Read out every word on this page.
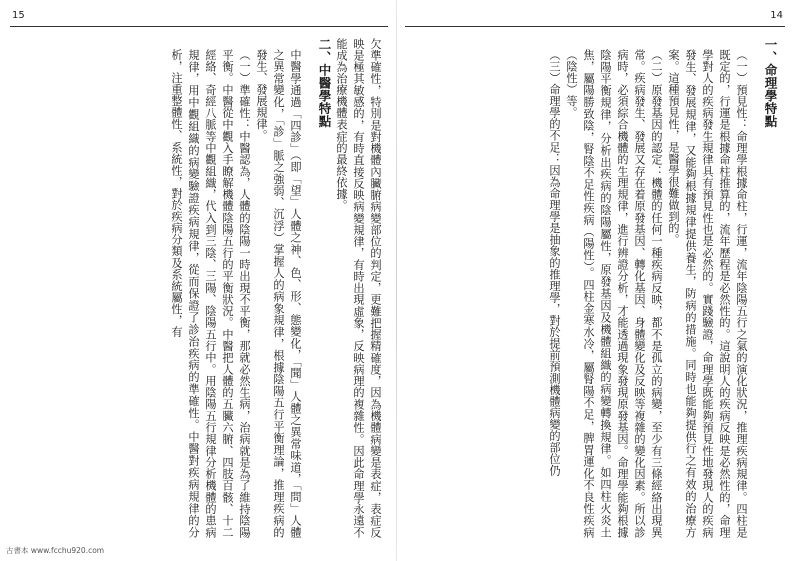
15

欠準確性，特別是對機體內臟腑病變部位的判定，更難把握精確度，因為機體病變是表症，表症反映是極其敏感的，有時直接反映病變規律，有時出現虛象，反映病理的複雜性。因此命理學永遠不能成為治療機體表症的最終依據。

二、中醫學特點

中醫學通過「四診」（即「望」人體之神、色、形、態變化，「聞」人體之異常味道，「問」人體之異常變化，「診」脈之強弱、沉浮）掌握人的病象規律，根據陰陽五行平衡理論，推理疾病的發生、發展規律。

（一）準確性：中醫認為，人體的陰陽一時出現不平衡，那就必然生病，治病就是為了維持陰陽平衡。中醫從中觀入手瞭解機體陰陽五行的平衡狀況。中醫把人體的五臟六腑、四肢百骸、十二經絡、奇經八脈等中觀組織，代入到三陰、三陽、陰陽五行中。用陰陽五行規律分析機體的患病規律，用中觀組織的病變驗證疾病規律，從而保證了診治疾病的準確性。中醫對疾病規律的分析，注重整體性、系統性，對於疾病分類及系統屬性，有

古書本 www.fcchu920.com
14

一、命理學特點

（一）預見性：命理學根據命柱，行運，流年陰陽五行之氣的演化狀況，推理疾病規律。四柱是既定的，行運是根據命柱推算的，流年歷程是必然性的。這說明人的疾病反映是必然性的，命理學對人的疾病發生規律具有預見性也是必然的。實踐驗證，命理學既能夠預見性地發現人的疾病發生、發展規律，又能夠根據規律提供養生，防病的措施。同時也能夠提供行之有效的治療方案。這種預見性，是醫學很難做到的。

（二）原發基因的認定：機體的任何一種疾病反映，都不是孤立的病變，至少有三條經絡出現異常。疾病發生、發展又存在着原發基因、轉化基因、身體變化及反映等複雜的變化因素。所以診病時，必須綜合機體的生理規律，進行辨證分析，才能透過現象發現原發基因。命理學能夠根據陰陽平衡規律，分析出疾病的陰陽屬性，原發基因及機體組織的病變轉換規律。如四柱火炎土焦，屬陽勝致陰，腎陰不足性疾病（陽性）。四柱金寒水冷，屬腎陽不足，脾胃運化不良性疾病（陰性）等。

（三）命理學的不足：因為命理學是抽象的推理學，對於提前預測機體病變的部位仍
